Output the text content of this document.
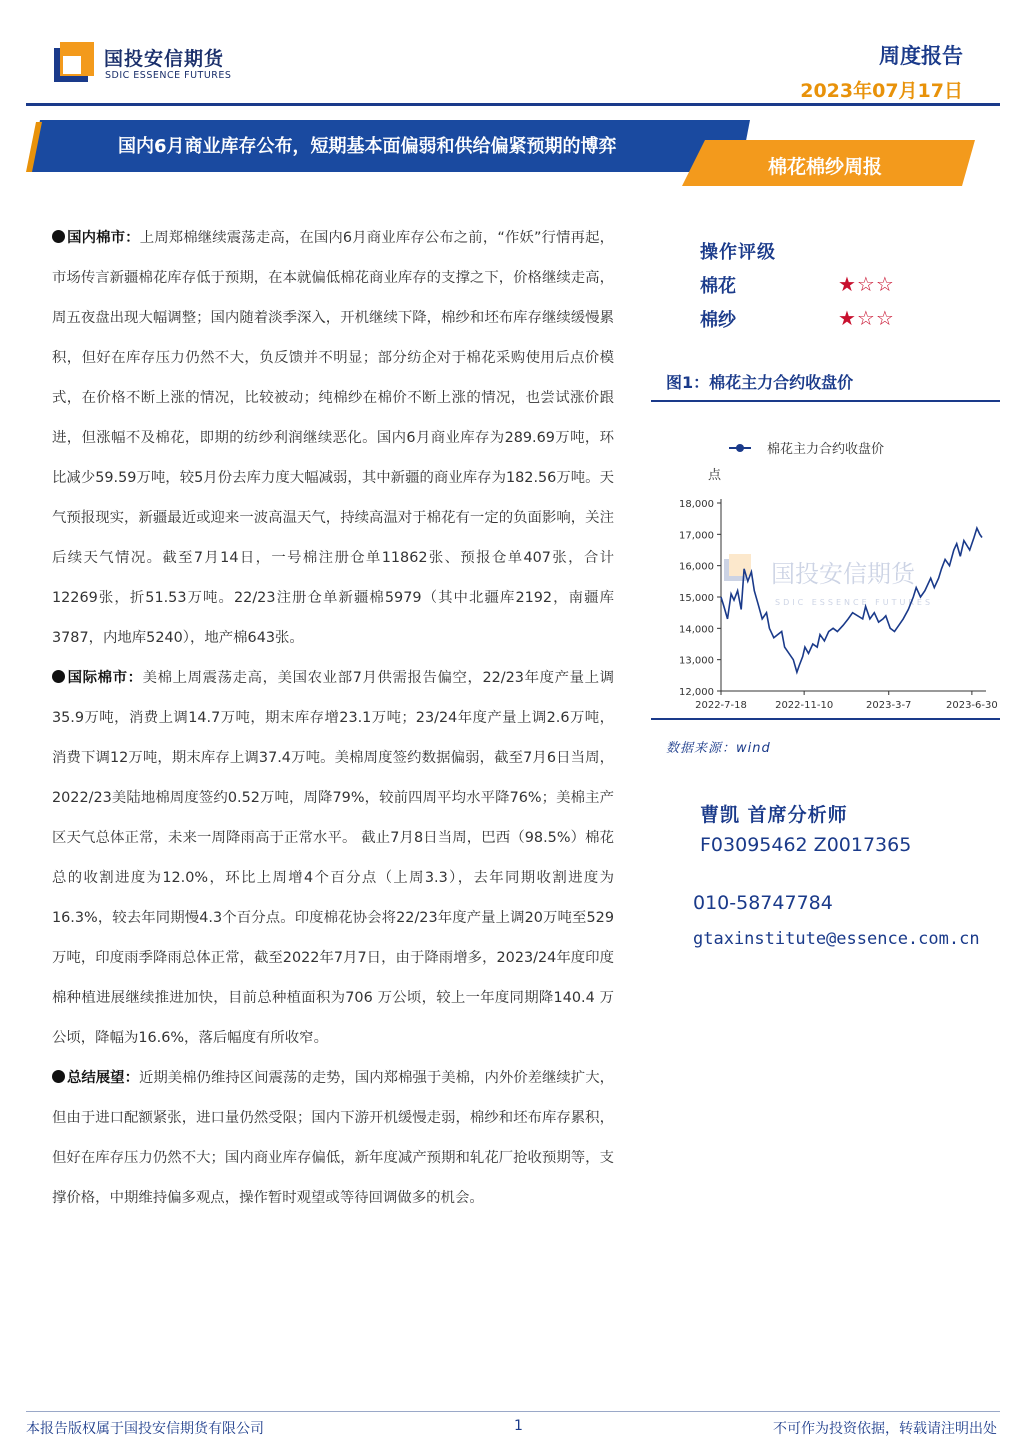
国投安信期货
SDIC ESSENCE FUTURES
周度报告
2023年07月17日
国内6月商业库存公布，短期基本面偏弱和供给偏紧预期的博弈
棉花棉纱周报

国内棉市：上周郑棉继续震荡走高，在国内6月商业库存公布之前，“作妖”行情再起，市场传言新疆棉花库存低于预期，在本就偏低棉花商业库存的支撑之下，价格继续走高，周五夜盘出现大幅调整；国内随着淡季深入，开机继续下降，棉纱和坯布库存继续缓慢累积，但好在库存压力仍然不大，负反馈并不明显；部分纺企对于棉花采购使用后点价模式，在价格不断上涨的情况，比较被动；纯棉纱在棉价不断上涨的情况，也尝试涨价跟进，但涨幅不及棉花，即期的纺纱利润继续恶化。国内6月商业库存为289.69万吨，环比减少59.59万吨，较5月份去库力度大幅减弱，其中新疆的商业库存为182.56万吨。天气预报现实，新疆最近或迎来一波高温天气，持续高温对于棉花有一定的负面影响，关注后续天气情况。截至7月14日，一号棉注册仓单11862张、预报仓单407张，合计12269张，折51.53万吨。22/23注册仓单新疆棉5979（其中北疆库2192，南疆库3787，内地库5240），地产棉643张。

国际棉市：美棉上周震荡走高，美国农业部7月供需报告偏空，22/23年度产量上调35.9万吨，消费上调14.7万吨，期末库存增23.1万吨；23/24年度产量上调2.6万吨，消费下调12万吨，期末库存上调37.4万吨。美棉周度签约数据偏弱，截至7月6日当周，2022/23美陆地棉周度签约0.52万吨，周降79%，较前四周平均水平降76%；美棉主产区天气总体正常，未来一周降雨高于正常水平。 截止7月8日当周，巴西（98.5%）棉花总的收割进度为12.0%，环比上周增4个百分点（上周3.3），去年同期收割进度为16.3%，较去年同期慢4.3个百分点。印度棉花协会将22/23年度产量上调20万吨至529万吨，印度雨季降雨总体正常，截至2022年7月7日，由于降雨增多，2023/24年度印度棉种植进展继续推进加快，目前总种植面积为706 万公顷，较上一年度同期降140.4 万公顷，降幅为16.6%，落后幅度有所收窄。

总结展望：近期美棉仍维持区间震荡的走势，国内郑棉强于美棉，内外价差继续扩大，但由于进口配额紧张，进口量仍然受限；国内下游开机缓慢走弱，棉纱和坯布库存累积，但好在库存压力仍然不大；国内商业库存偏低，新年度减产预期和轧花厂抢收预期等，支撑价格，中期维持偏多观点，操作暂时观望或等待回调做多的机会。

操作评级
棉花	★☆☆
棉纱	★☆☆
图1：棉花主力合约收盘价
国投安信期货
SDIC ESSENCE FUTURES
棉花主力合约收盘价
点
12,000
13,000
14,000
15,000
16,000
17,000
18,000
2022-7-18	2022-11-10	2023-3-7	2023-6-30
数据来源：wind
曹凯 首席分析师
F03095462 Z0017365
010-58747784
gtaxinstitute@essence.com.cn
本报告版权属于国投安信期货有限公司	1	不可作为投资依据，转载请注明出处
